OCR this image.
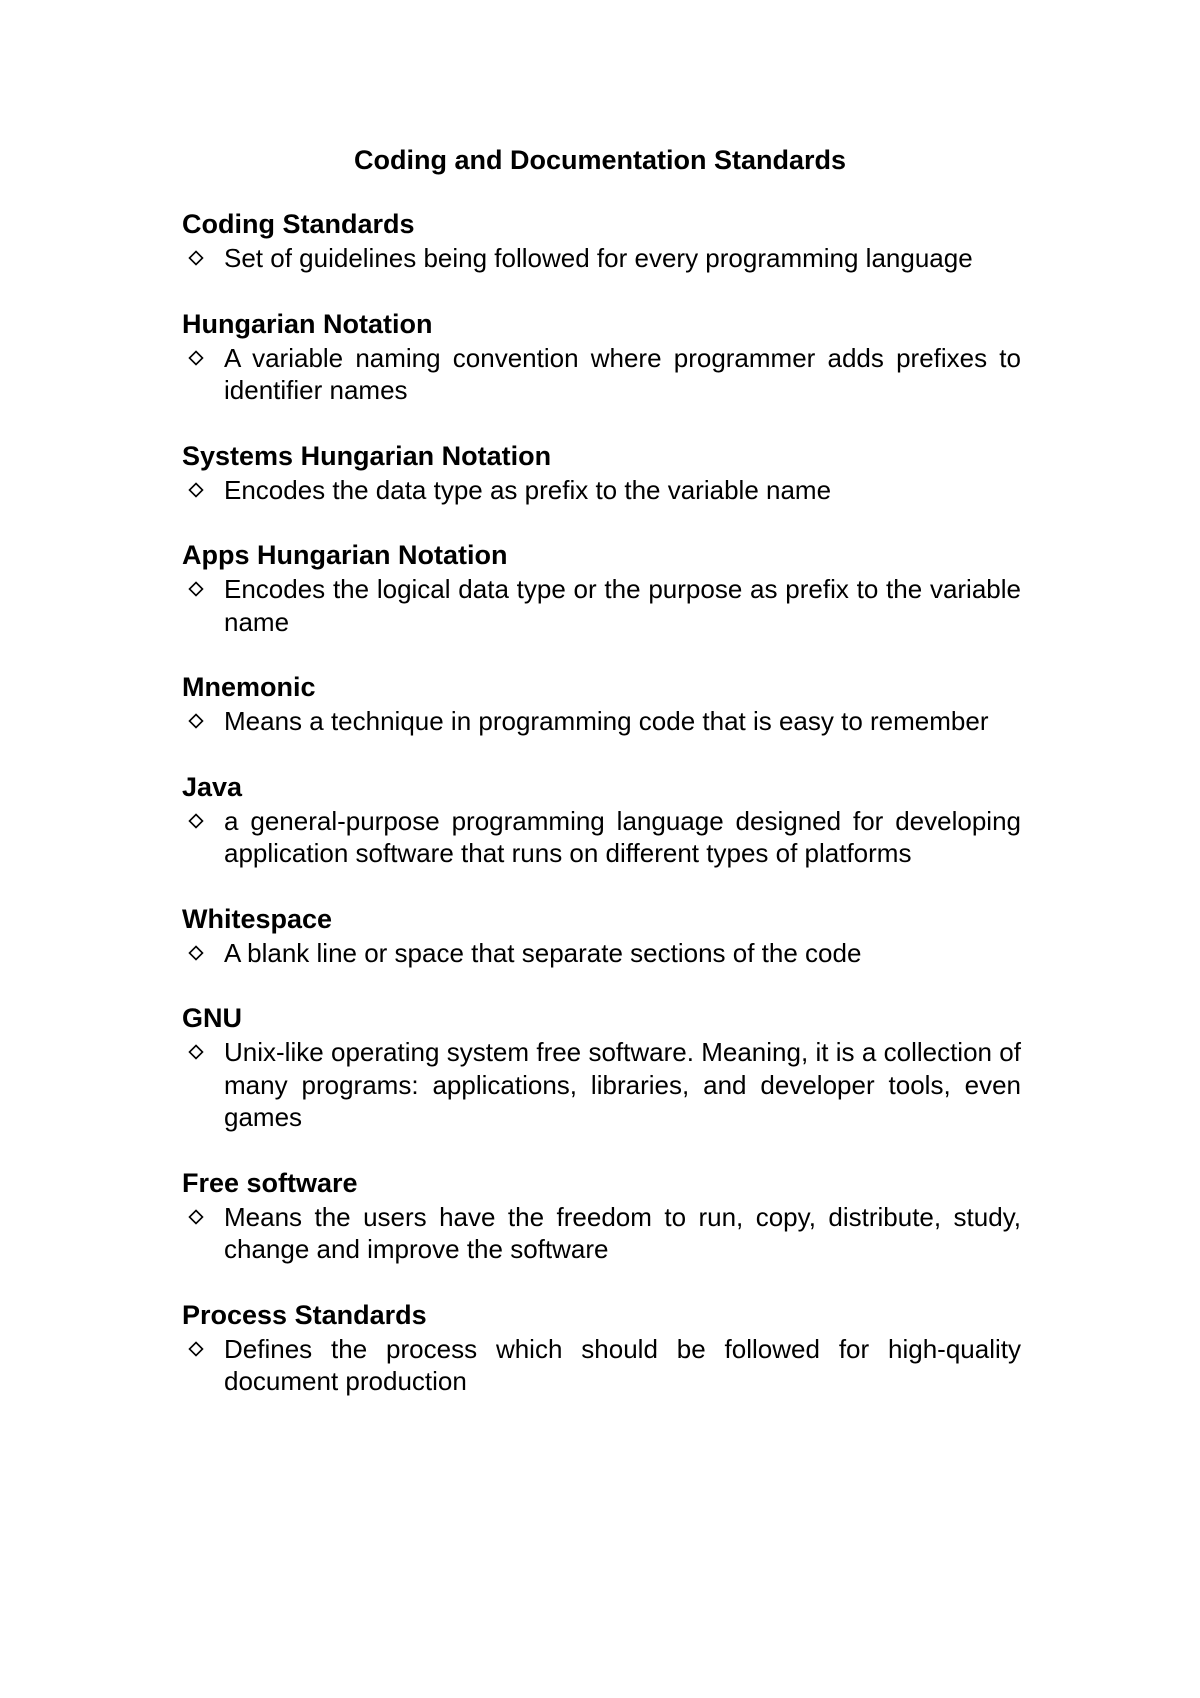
Coding and Documentation Standards
Coding Standards
Set of guidelines being followed for every programming language
Hungarian Notation
A variable naming convention where programmer adds prefixes to identifier names
Systems Hungarian Notation
Encodes the data type as prefix to the variable name
Apps Hungarian Notation
Encodes the logical data type or the purpose as prefix to the variable name
Mnemonic
Means a technique in programming code that is easy to remember
Java
a general-purpose programming language designed for developing application software that runs on different types of platforms
Whitespace
A blank line or space that separate sections of the code
GNU
Unix-like operating system free software. Meaning, it is a collection of many programs: applications, libraries, and developer tools, even games
Free software
Means the users have the freedom to run, copy, distribute, study, change and improve the software
Process Standards
Defines the process which should be followed for high-quality document production
